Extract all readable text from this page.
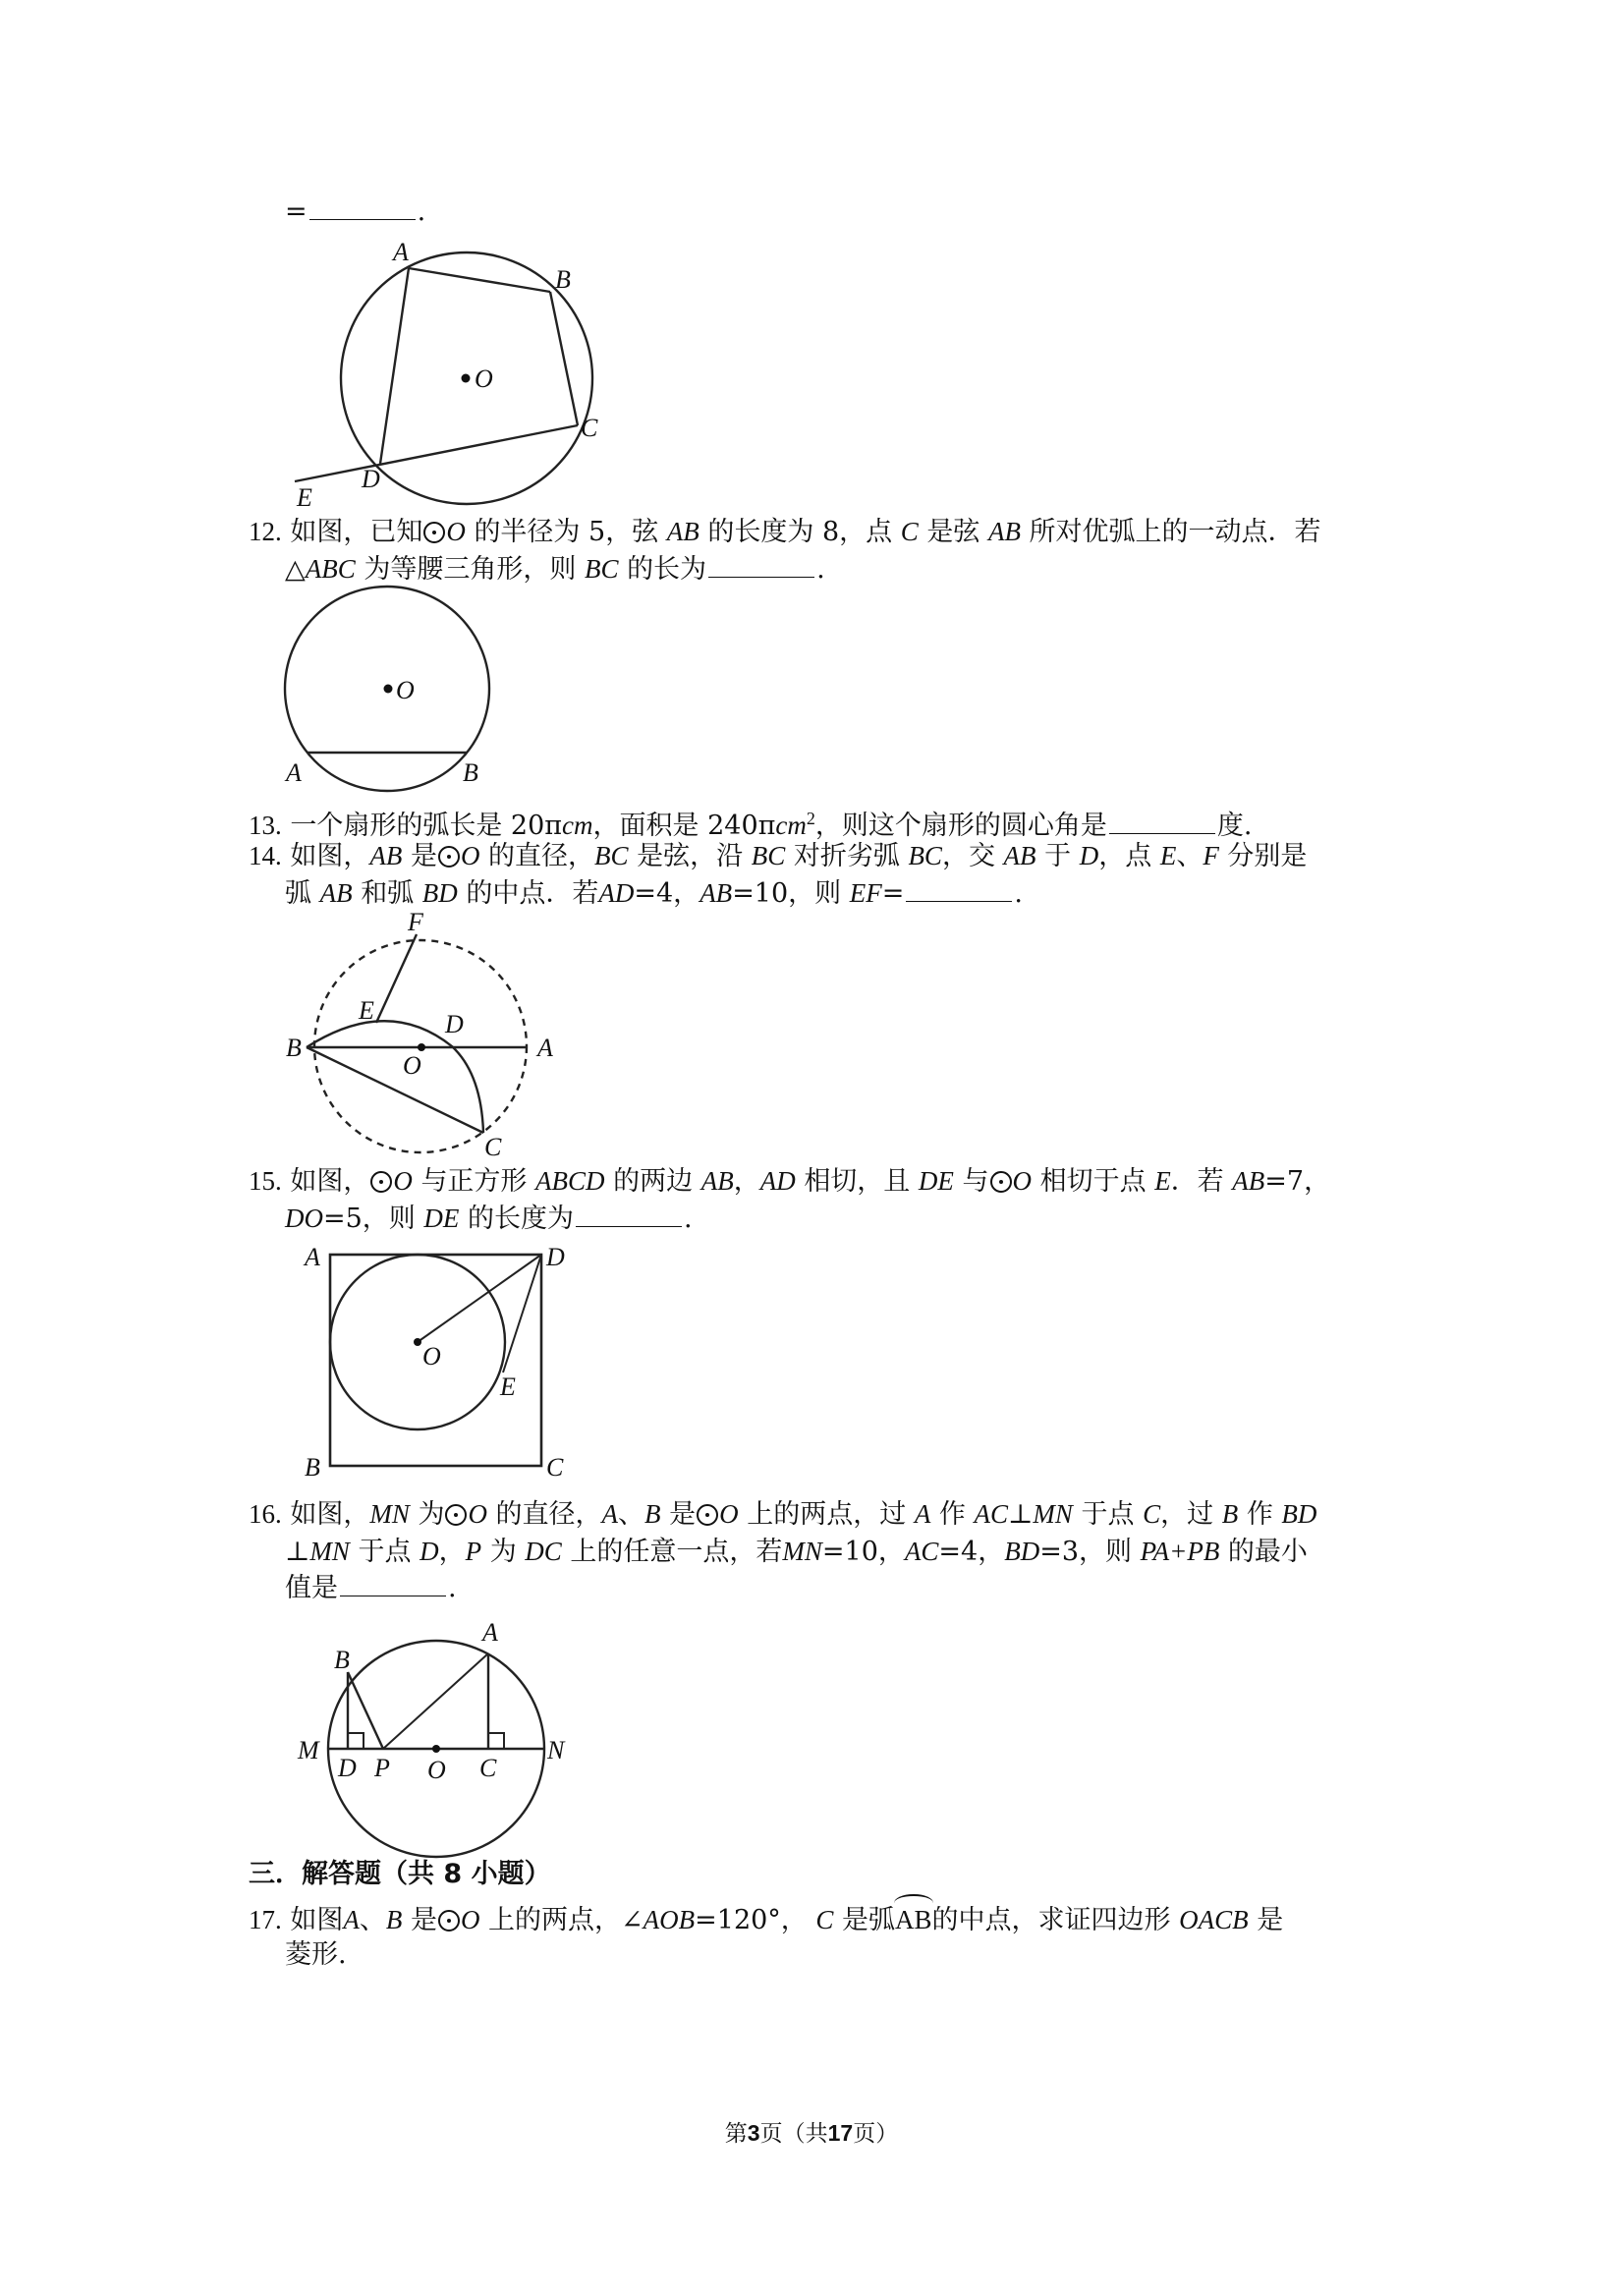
=	.
A
B
C
D
E
O
12. 如图，已知 O 的半径为 5，弦 AB 的长度为 8，点 C 是弦 AB 所对优弧上的一动点．若
△ABC 为等腰三角形，则 BC 的长为	.
O
A	B
13. 一个扇形的弧长是 20πcm，面积是 240πcm$^2$，则这个扇形的圆心角是	度.
14. 如图，AB 是 O 的直径，BC 是弦，沿 BC 对折劣弧 BC，交 AB 于 D，点 E、F 分别是
弧 AB 和弧 BD 的中点．若AD=4，AB=10，则 EF=	.
F
E	D
B
O
A
C
15. 如图， O 与正方形 ABCD 的两边 AB，AD 相切，且 DE 与 O 相切于点 E．若 AB=7，
DO=5，则 DE 的长度为	.
A	D
O
E
B	C
16. 如图，MN 为 O 的直径，A、B 是 O 上的两点，过 A 作 AC⊥MN 于点 C，过 B 作 BD
⊥MN 于点 D，P 为 DC 上的任意一点，若MN=10，AC=4，BD=3，则 PA+PB 的最小
值是	.
A
B
M
D P O C
N
三．解答题（共 8 小题）
17. 如图A、B 是 O 上的两点，∠AOB=120°， C 是弧AB的中点，求证四边形 OACB 是
菱形.
第3页（共17页）
